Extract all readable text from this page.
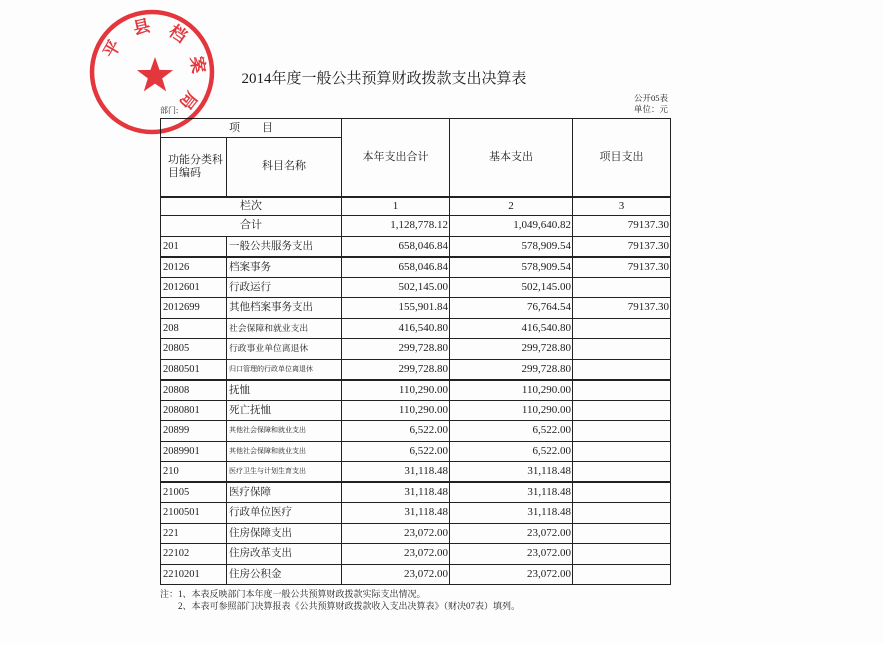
2014年度一般公共预算财政拨款支出决算表
部门:
公开05表
单位：元
项　　目		本年支出合计	基本支出	项目支出
功能分类科目编码	科目名称			
栏次		1	2	3
合计		1,128,778.12	1,049,640.82	79137.30
201	一般公共服务支出	658,046.84	578,909.54	79137.30
20126	档案事务	658,046.84	578,909.54	79137.30
2012601	行政运行	502,145.00	502,145.00	
2012699	其他档案事务支出	155,901.84	76,764.54	79137.30
208	社会保障和就业支出	416,540.80	416,540.80	
20805	行政事业单位离退休	299,728.80	299,728.80	
2080501	归口管理的行政单位离退休	299,728.80	299,728.80	
20808	抚恤	110,290.00	110,290.00	
2080801	死亡抚恤	110,290.00	110,290.00	
20899	其他社会保障和就业支出	6,522.00	6,522.00	
2089901	其他社会保障和就业支出	6,522.00	6,522.00	
210	医疗卫生与计划生育支出	31,118.48	31,118.48	
21005	医疗保障	31,118.48	31,118.48	
2100501	行政单位医疗	31,118.48	31,118.48	
221	住房保障支出	23,072.00	23,072.00	
22102	住房改革支出	23,072.00	23,072.00	
2210201	住房公积金	23,072.00	23,072.00	
注：1、本表反映部门本年度一般公共预算财政拨款实际支出情况。
2、本表可参照部门决算报表《公共预算财政拨款收入支出决算表》（财决07表）填列。
平
县 档
案
局
